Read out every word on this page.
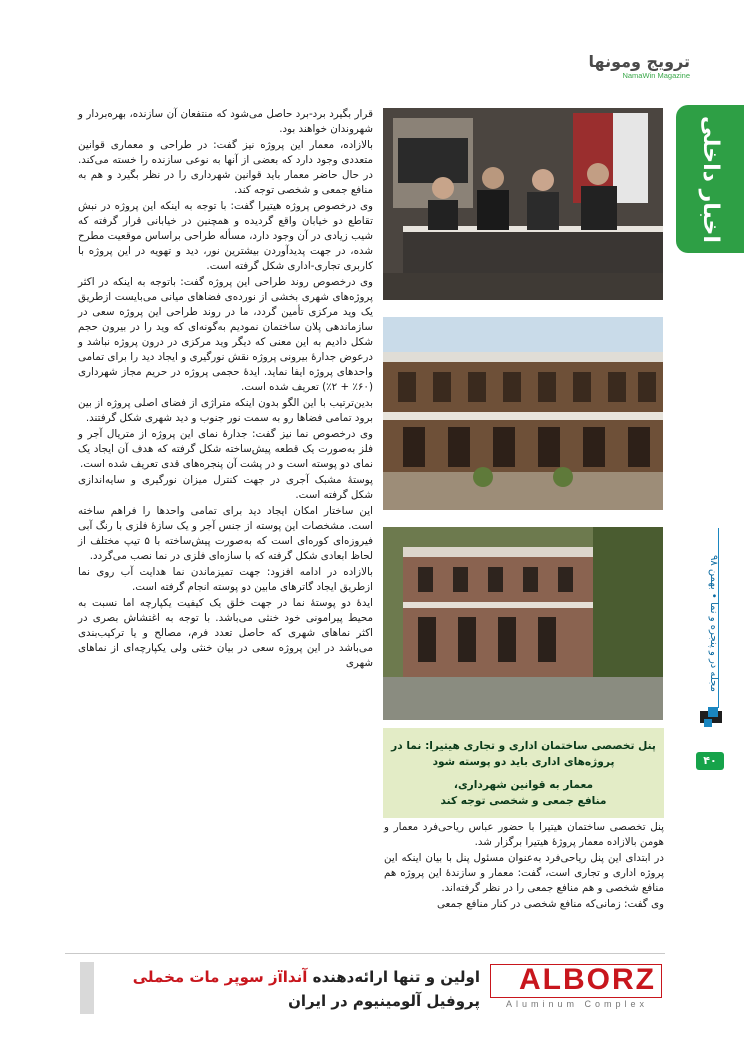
ترویج ومونها
NamaWin Magazine
اخبار داخلی
پنل تخصصی ساختمان اداری و تجاری هیتیرا: نما در
پروژه‌های اداری باید دو پوسته شود
معمار به قوانین شهرداری،
منافع جمعی و شخصی توجه کند

قرار بگیرد برد-برد حاصل می‌شود که منتفعان آن سازنده، بهره‌بردار و شهروندان خواهند بود.

بالازاده، معمار این پروژه نیز گفت: در طراحی و معماری قوانین متعددی وجود دارد که بعضی از آنها به نوعی سازنده را خسته می‌کند. در حال حاضر معمار باید قوانین شهرداری را در نظر بگیرد و هم به منافع جمعی و شخصی توجه کند.

وی درخصوص پروژه هیتیرا گفت: با توجه به اینکه این پروژه در نبش تقاطع دو خیابان واقع گردیده و همچنین در خیابانی قرار گرفته که شیب زیادی در آن وجود دارد، مسأله طراحی براساس موقعیت مطرح شده، در جهت پدیدآوردن بیشترین نور، دید و تهویه در این پروژه با کاربری تجاری-اداری شکل گرفته است.

وی درخصوص روند طراحی این پروژه گفت: باتوجه به اینکه در اکثر پروژه‌های شهری بخشی از نورده‌ی فضاهای میانی می‌بایست ازطریق یک وید مرکزی تأمین گردد، ما در روند طراحی این پروژه سعی در سازماندهی پلان ساختمان نمودیم به‌گونه‌ای که وید را در بیرون حجم شکل دادیم به این معنی که دیگر وید مرکزی در درون پروژه نباشد و درعوض جدارهٔ بیرونی پروژه نقش نورگیری و ایجاد دید را برای تمامی واحدهای پروژه ایفا نماید. ایدهٔ حجمی پروژه در حریم مجاز شهرداری (۶۰٪ + ۲٪) تعریف شده است.

بدین‌ترتیب با این الگو بدون اینکه متراژی از فضای اصلی پروژه از بین برود تمامی فضاها رو به سمت نور جنوب و دید شهری شکل گرفتند.

وی درخصوص نما نیز گفت: جدارهٔ نمای این پروژه از متریال آجر و فلز به‌صورت یک قطعه پیش‌ساخته شکل گرفته که هدف آن ایجاد یک نمای دو پوسته است و در پشت آن پنجره‌های قدی تعریف شده است.

پوستهٔ مشبک آجری در جهت کنترل میزان نورگیری و سایه‌اندازی شکل گرفته است.

این ساختار امکان ایجاد دید برای تمامی واحدها را فراهم ساخته است. مشخصات این پوسته از جنس آجر و یک سازهٔ فلزی با رنگ آبی فیروزه‌ای کوره‌ای است که به‌صورت پیش‌ساخته با ۵ تیپ مختلف از لحاظ ابعادی شکل گرفته که با سازه‌ای فلزی در نما نصب می‌گردد.

بالازاده در ادامه افزود: جهت تمیزماندن نما هدایت آب روی نما ازطریق ایجاد گاترهای مابین دو پوسته انجام گرفته است.

ایدهٔ دو پوستهٔ نما در جهت خلق یک کیفیت یکپارچه اما نسبت به محیط پیرامونی خود خنثی می‌باشد. با توجه به اغتشاش بصری در اکثر نماهای شهری که حاصل تعدد فرم، مصالح و یا ترکیب‌بندی می‌باشد در این پروژه سعی در بیان خنثی ولی یکپارچه‌ای از نماهای شهری

پنل تخصصی ساختمان هیتیرا با حضور عباس ریاحی‌فرد معمار و هومن بالازاده معمار پروژهٔ هیتیرا برگزار شد.

در ابتدای این پنل ریاحی‌فرد به‌عنوان مسئول پنل با بیان اینکه این پروژه اداری و تجاری است، گفت: معمار و سازندهٔ این پروژه هم منافع شخصی و هم منافع جمعی را در نظر گرفته‌اند.

وی گفت: زمانی‌که منافع شخصی در کنار منافع جمعی

مجله در و پنجره و نما • بهمن ۹۸
۴۰
اولین و تنها ارائه‌دهنده آنداїز سوپر مات مخملی
پروفیل آلومینیوم در ایران
ALBORZ
Aluminum Complex
